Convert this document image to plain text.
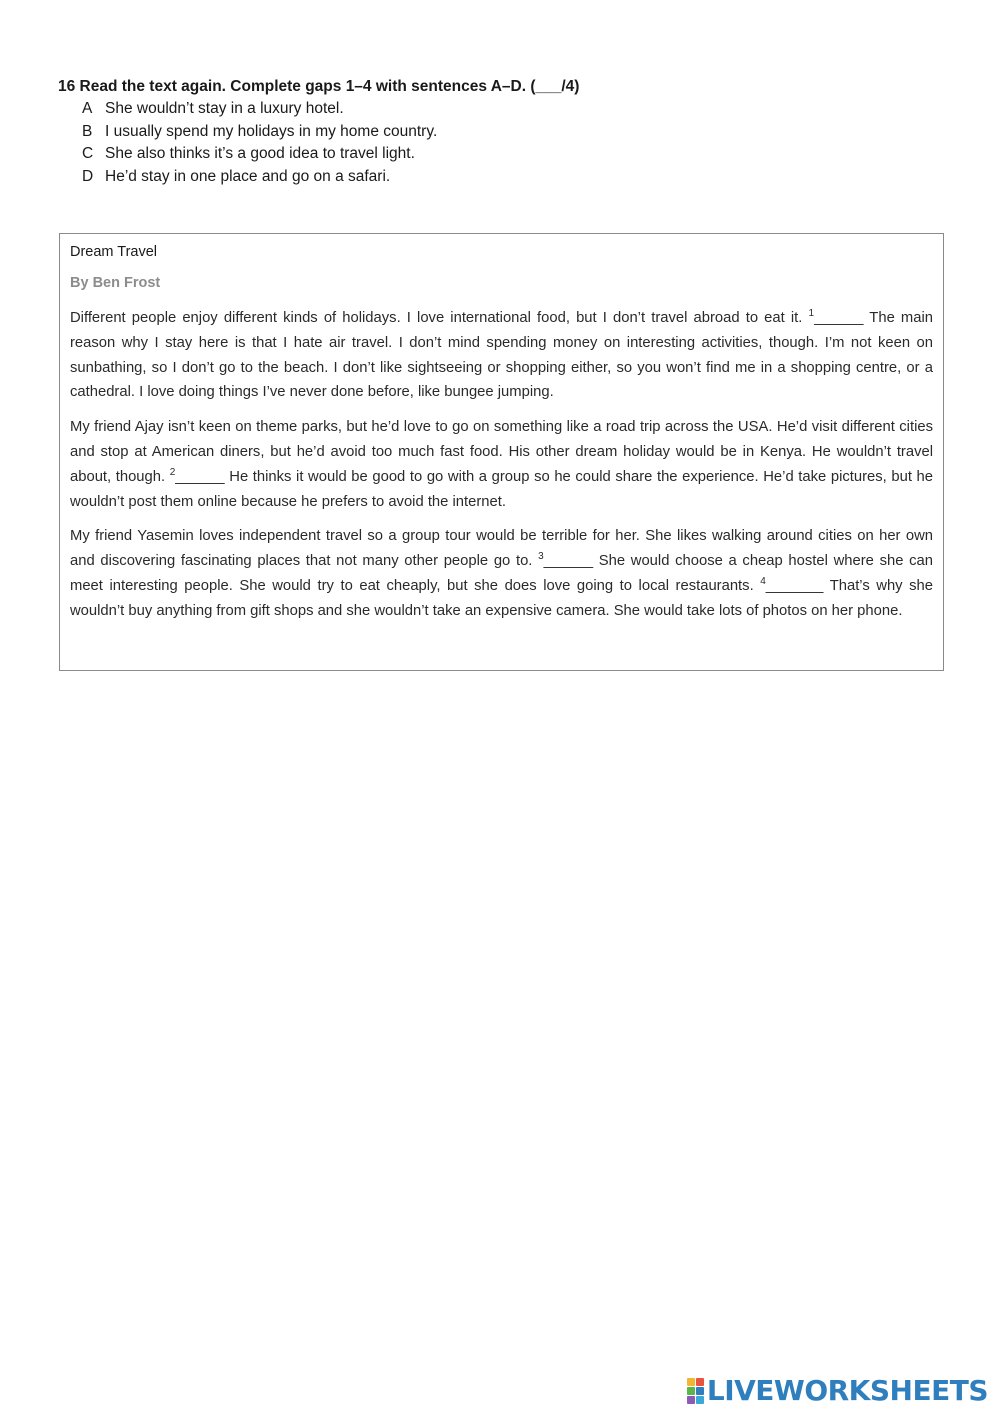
16 Read the text again. Complete gaps 1–4 with sentences A–D. (___/4)
A She wouldn’t stay in a luxury hotel.
B I usually spend my holidays in my home country.
C She also thinks it’s a good idea to travel light.
D He’d stay in one place and go on a safari.
Dream Travel

By Ben Frost

Different people enjoy different kinds of holidays. I love international food, but I don’t travel abroad to eat it. $^1$______ The main reason why I stay here is that I hate air travel. I don’t mind spending money on interesting activities, though. I’m not keen on sunbathing, so I don’t go to the beach. I don’t like sightseeing or shopping either, so you won’t find me in a shopping centre, or a cathedral. I love doing things I’ve never done before, like bungee jumping.

My friend Ajay isn’t keen on theme parks, but he’d love to go on something like a road trip across the USA. He’d visit different cities and stop at American diners, but he’d avoid too much fast food. His other dream holiday would be in Kenya. He wouldn’t travel about, though. $^2$______ He thinks it would be good to go with a group so he could share the experience. He’d take pictures, but he wouldn’t post them online because he prefers to avoid the internet.

My friend Yasemin loves independent travel so a group tour would be terrible for her. She likes walking around cities on her own and discovering fascinating places that not many other people go to. $^3$______ She would choose a cheap hostel where she can meet interesting people. She would try to eat cheaply, but she does love going to local restaurants. $^4$_______ That’s why she wouldn’t buy anything from gift shops and she wouldn’t take an expensive camera. She would take lots of photos on her phone.

LIVEWORKSHEETS
